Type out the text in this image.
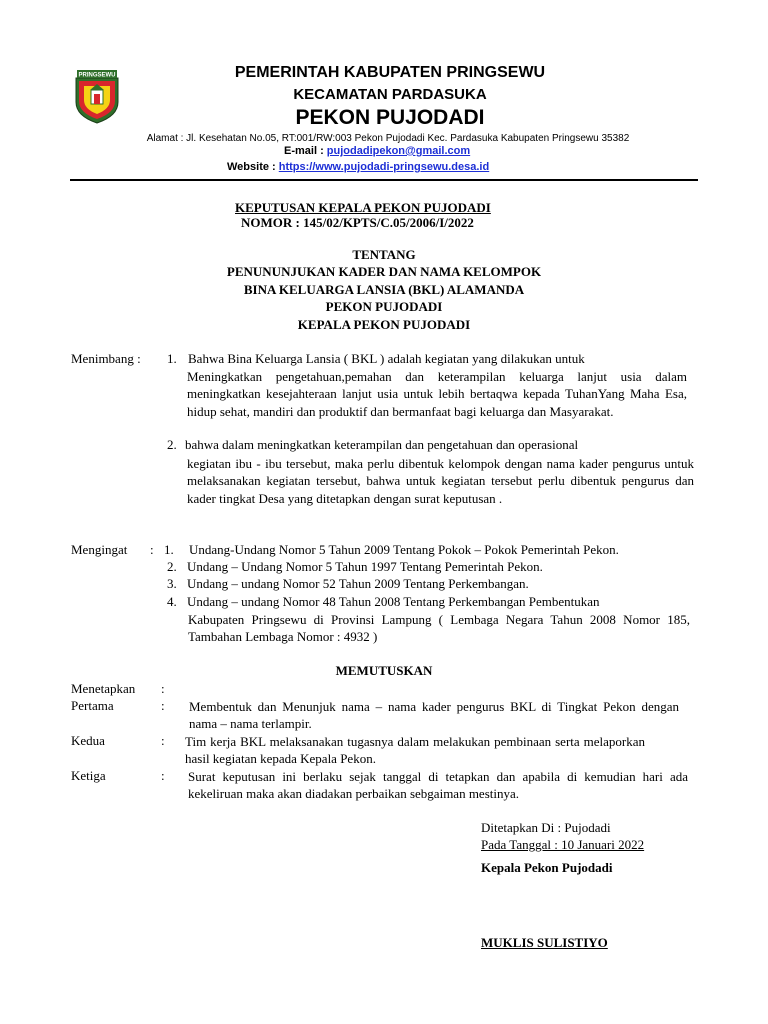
PRINGSEWU	PEMERINTAH KABUPATEN PRINGSEWU
KECAMATAN PARDASUKA
PEKON PUJODADI
Alamat : Jl. Kesehatan No.05, RT:001/RW:003 Pekon Pujodadi Kec. Pardasuka Kabupaten Pringsewu 35382
E-mail : pujodadipekon@gmail.com
Website : https://www.pujodadi-pringsewu.desa.id
KEPUTUSAN KEPALA PEKON PUJODADI
NOMOR : 145/02/KPTS/C.05/2006/I/2022
TENTANG
PENUNUNJUKAN KADER DAN NAMA KELOMPOK
BINA KELUARGA LANSIA (BKL) ALAMANDA
PEKON PUJODADI
KEPALA PEKON PUJODADI
Menimbang : 1. Bahwa Bina Keluarga Lansia ( BKL ) adalah kegiatan yang dilakukan untuk
Meningkatkan pengetahuan,pemahan dan keterampilan keluarga lanjut usia dalam meningkatkan kesejahteraan lanjut usia untuk lebih bertaqwa kepada TuhanYang Maha Esa, hidup sehat, mandiri dan produktif dan bermanfaat bagi keluarga dan Masyarakat.
2. bahwa dalam meningkatkan keterampilan dan pengetahuan dan operasional
kegiatan ibu - ibu tersebut, maka perlu dibentuk kelompok dengan nama kader pengurus untuk melaksanakan kegiatan tersebut, bahwa untuk kegiatan tersebut perlu dibentuk pengurus dan kader tingkat Desa yang ditetapkan dengan surat keputusan .
Mengingat : 1. Undang-Undang Nomor 5 Tahun 2009 Tentang Pokok – Pokok Pemerintah Pekon.
2. Undang – Undang Nomor 5 Tahun 1997 Tentang Pemerintah Pekon.
3. Undang – undang Nomor 52 Tahun 2009 Tentang Perkembangan.
4. Undang – undang Nomor 48 Tahun 2008 Tentang Perkembangan Pembentukan
Kabupaten Pringsewu di Provinsi Lampung ( Lembaga Negara Tahun 2008 Nomor 185, Tambahan Lembaga Nomor : 4932 )
MEMUTUSKAN
Menetapkan :
Pertama	: Membentuk dan Menunjuk nama – nama kader pengurus BKL di Tingkat Pekon dengan nama – nama terlampir.
Kedua	: Tim kerja BKL melaksanakan tugasnya dalam melakukan pembinaan serta melaporkan hasil kegiatan kepada Kepala Pekon.
Ketiga	: Surat keputusan ini berlaku sejak tanggal di tetapkan dan apabila di kemudian hari ada kekeliruan maka akan diadakan perbaikan sebgaiman mestinya.
Ditetapkan Di : Pujodadi
Pada Tanggal : 10 Januari 2022
Kepala Pekon Pujodadi
MUKLIS SULISTIYO
